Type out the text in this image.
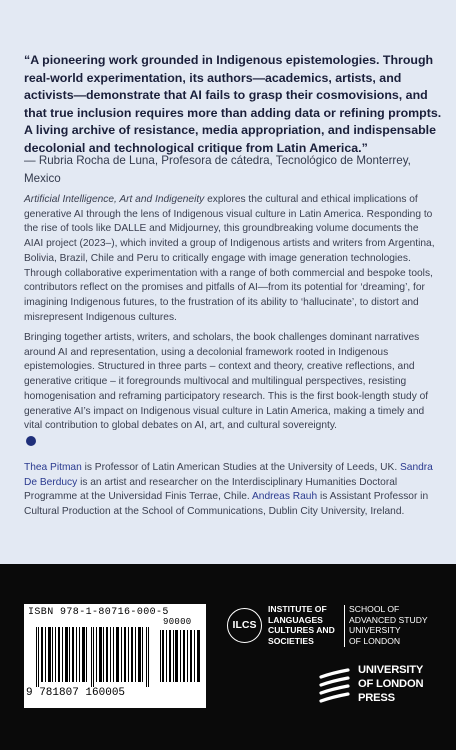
“A pioneering work grounded in Indigenous epistemologies. Through real-world experimentation, its authors—academics, artists, and activists—demonstrate that AI fails to grasp their cosmovisions, and that true inclusion requires more than adding data or refining prompts. A living archive of resistance, media appropriation, and indispensable decolonial and technological critique from Latin America.”
— Rubria Rocha de Luna, Profesora de cátedra, Tecnológico de Monterrey, Mexico
Artificial Intelligence, Art and Indigeneity explores the cultural and ethical implications of generative AI through the lens of Indigenous visual culture in Latin America. Responding to the rise of tools like DALLE and Midjourney, this groundbreaking volume documents the AIAI project (2023–), which invited a group of Indigenous artists and writers from Argentina, Bolivia, Brazil, Chile and Peru to critically engage with image generation technologies. Through collaborative experimentation with a range of both commercial and bespoke tools, contributors reflect on the promises and pitfalls of AI—from its potential for ‘dreaming’, for imagining Indigenous futures, to the frustration of its ability to ‘hallucinate’, to distort and misrepresent Indigenous cultures.
Bringing together artists, writers, and scholars, the book challenges dominant narratives around AI and representation, using a decolonial framework rooted in Indigenous epistemologies. Structured in three parts – context and theory, creative reflections, and generative critique – it foregrounds multivocal and multilingual perspectives, resisting homogenisation and reframing participatory research. This is the first book-length study of generative AI’s impact on Indigenous visual culture in Latin America, making a timely and vital contribution to global debates on AI, art, and cultural sovereignty.
Thea Pitman is Professor of Latin American Studies at the University of Leeds, UK. Sandra De Berducy is an artist and researcher on the Interdisciplinary Humanities Doctoral Programme at the Universidad Finis Terrae, Chile. Andreas Rauh is Assistant Professor in Cultural Production at the School of Communications, Dublin City University, Ireland.
ISBN 978-1-80716-000-5
90000
9 781807 160005
ILCS
INSTITUTE OF
LANGUAGES
CULTURES AND
SOCIETIES
SCHOOL OF
ADVANCED STUDY
UNIVERSITY
OF LONDON
UNIVERSITY
OF LONDON
PRESS
